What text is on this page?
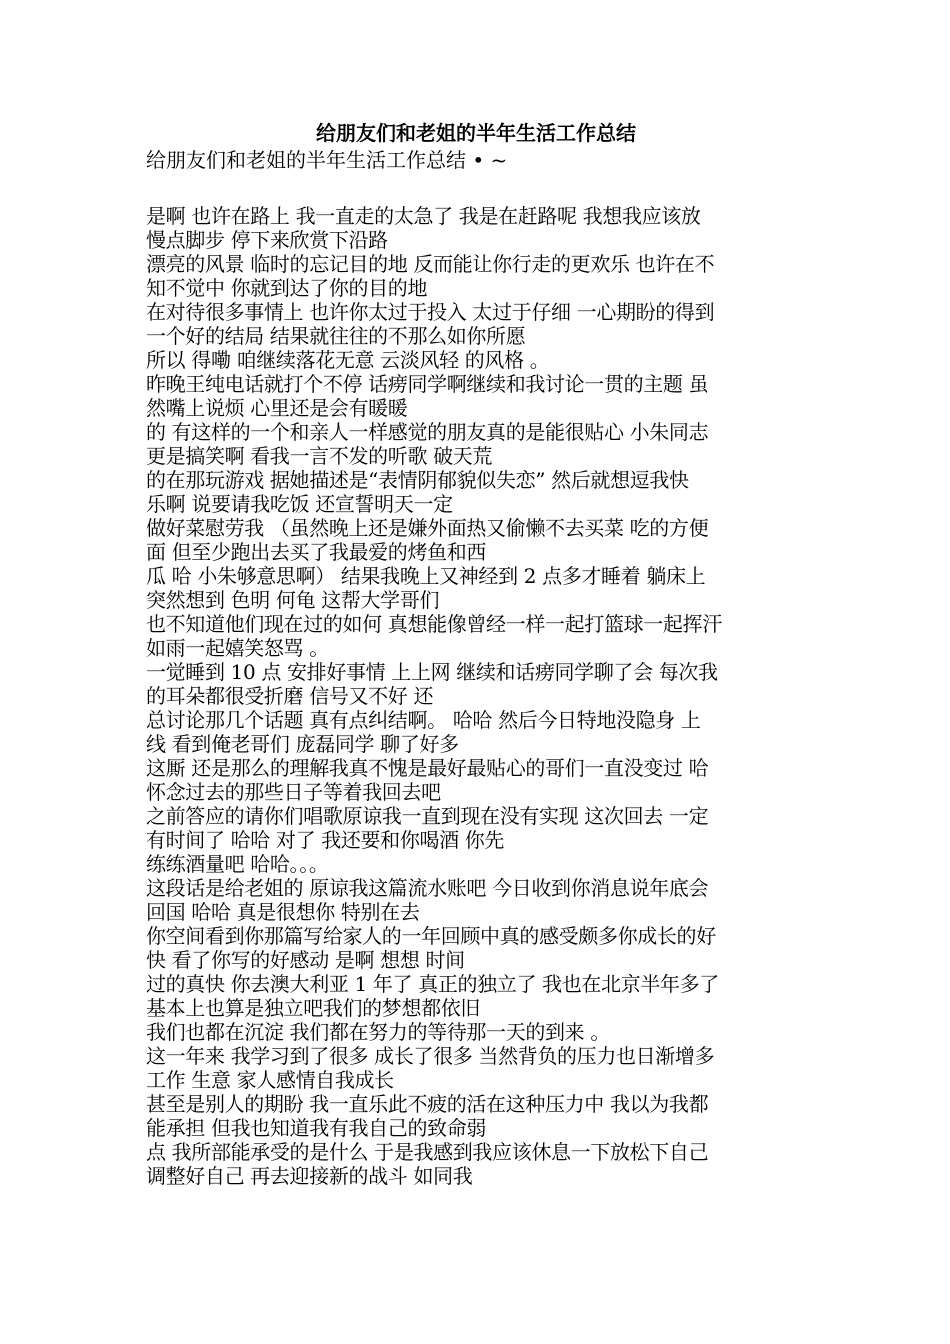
给朋友们和老姐的半年生活工作总结

给朋友们和老姐的半年生活工作总结 • ~

是啊 也许在路上 我一直走的太急了 我是在赶路呢 我想我应该放
慢点脚步 停下来欣赏下沿路

漂亮的风景 临时的忘记目的地 反而能让你行走的更欢乐 也许在不
知不觉中 你就到达了你的目的地

在对待很多事情上 也许你太过于投入 太过于仔细 一心期盼的得到
一个好的结局 结果就往往的不那么如你所愿

所以 得嘞 咱继续落花无意 云淡风轻 的风格 。

昨晚王纯电话就打个不停 话痨同学啊继续和我讨论一贯的主题 虽
然嘴上说烦 心里还是会有暖暖

的 有这样的一个和亲人一样感觉的朋友真的是能很贴心 小朱同志
更是搞笑啊 看我一言不发的听歌 破天荒

的在那玩游戏 据她描述是“表情阴郁貌似失恋” 然后就想逗我快
乐啊 说要请我吃饭 还宣誓明天一定

做好菜慰劳我 （虽然晚上还是嫌外面热又偷懒不去买菜 吃的方便
面 但至少跑出去买了我最爱的烤鱼和西

瓜 哈 小朱够意思啊） 结果我晚上又神经到 2 点多才睡着 躺床上
突然想到 色明 何龟 这帮大学哥们

也不知道他们现在过的如何 真想能像曾经一样一起打篮球一起挥汗
如雨一起嬉笑怒骂 。

一觉睡到 10 点 安排好事情 上上网 继续和话痨同学聊了会 每次我
的耳朵都很受折磨 信号又不好 还

总讨论那几个话题 真有点纠结啊。 哈哈 然后今日特地没隐身 上
线 看到俺老哥们 庞磊同学 聊了好多

这厮 还是那么的理解我真不愧是最好最贴心的哥们一直没变过 哈
怀念过去的那些日子等着我回去吧

之前答应的请你们唱歌原谅我一直到现在没有实现 这次回去 一定
有时间了 哈哈 对了 我还要和你喝酒 你先

练练酒量吧 哈哈。。。

这段话是给老姐的 原谅我这篇流水账吧 今日收到你消息说年底会
回国 哈哈 真是很想你 特别在去

你空间看到你那篇写给家人的一年回顾中真的感受颇多你成长的好
快 看了你写的好感动 是啊 想想 时间

过的真快 你去澳大利亚 1 年了 真正的独立了 我也在北京半年多了
基本上也算是独立吧我们的梦想都依旧

我们也都在沉淀 我们都在努力的等待那一天的到来 。

这一年来 我学习到了很多 成长了很多 当然背负的压力也日渐增多
工作 生意 家人感情自我成长

甚至是别人的期盼 我一直乐此不疲的活在这种压力中 我以为我都
能承担 但我也知道我有我自己的致命弱

点 我所部能承受的是什么 于是我感到我应该休息一下放松下自己
调整好自己 再去迎接新的战斗 如同我
